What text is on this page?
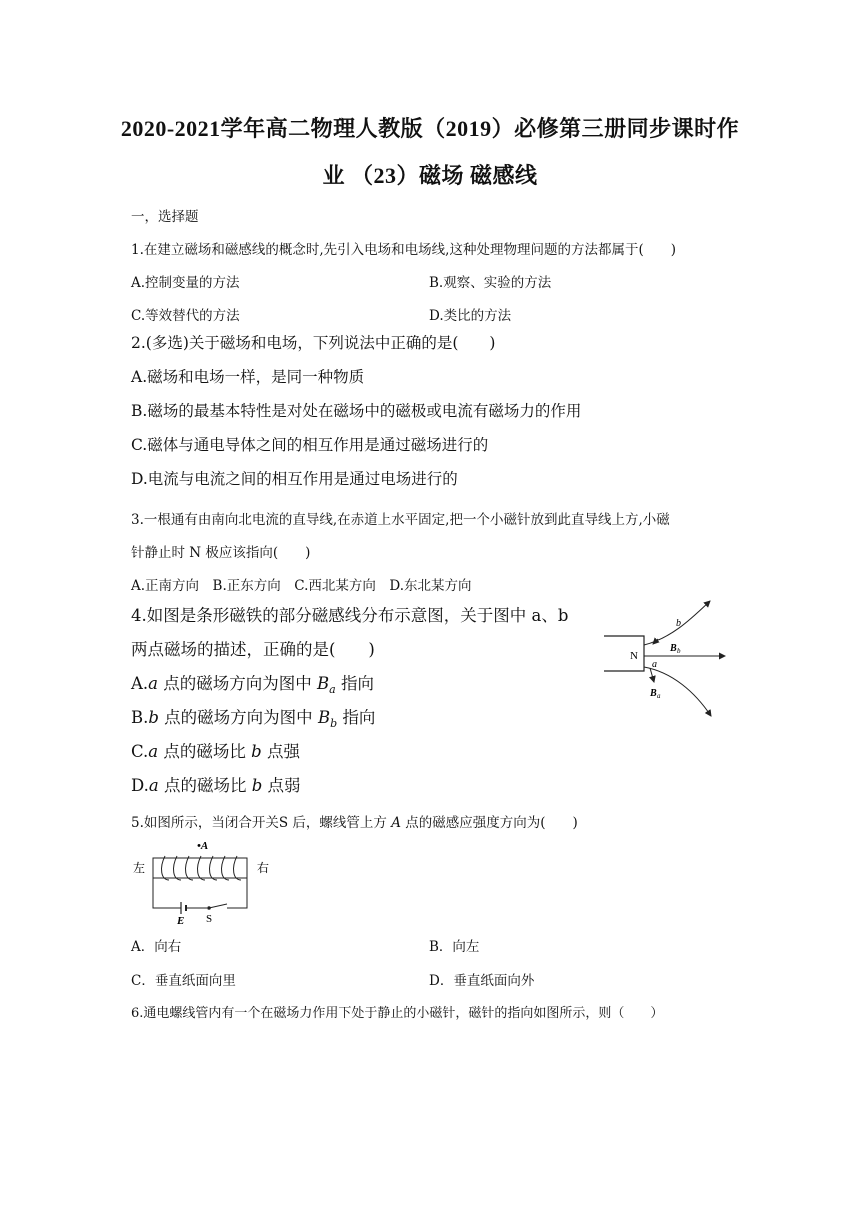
2020-2021学年高二物理人教版（2019）必修第三册同步课时作
业 （23）磁场 磁感线
一，选择题
1.在建立磁场和磁感线的概念时,先引入电场和电场线,这种处理物理问题的方法都属于(　　)
A.控制变量的方法	B.观察、实验的方法
C.等效替代的方法	D.类比的方法
2.(多选)关于磁场和电场，下列说法中正确的是(　　)
A.磁场和电场一样，是同一种物质
B.磁场的最基本特性是对处在磁场中的磁极或电流有磁场力的作用
C.磁体与通电导体之间的相互作用是通过磁场进行的
D.电流与电流之间的相互作用是通过电场进行的
3.一根通有由南向北电流的直导线,在赤道上水平固定,把一个小磁针放到此直导线上方,小磁
针静止时 N 极应该指向(　　)
A.正南方向　B.正东方向　C.西北某方向　D.东北某方向
4.如图是条形磁铁的部分磁感线分布示意图，关于图中 a、b
两点磁场的描述，正确的是(　　)
A.a 点的磁场方向为图中 $B_a$ 指向
B.b 点的磁场方向为图中 $B_b$ 指向
C.a 点的磁场比 b 点强
D.a 点的磁场比 b 点弱
N
b
B b
a
B a
5.如图所示，当闭合开关S 后，螺线管上方 A 点的磁感应强度方向为(　　)
•A
左	右
E S
A．向右	B．向左
C．垂直纸面向里	D．垂直纸面向外
6.通电螺线管内有一个在磁场力作用下处于静止的小磁针，磁针的指向如图所示，则（　　）
